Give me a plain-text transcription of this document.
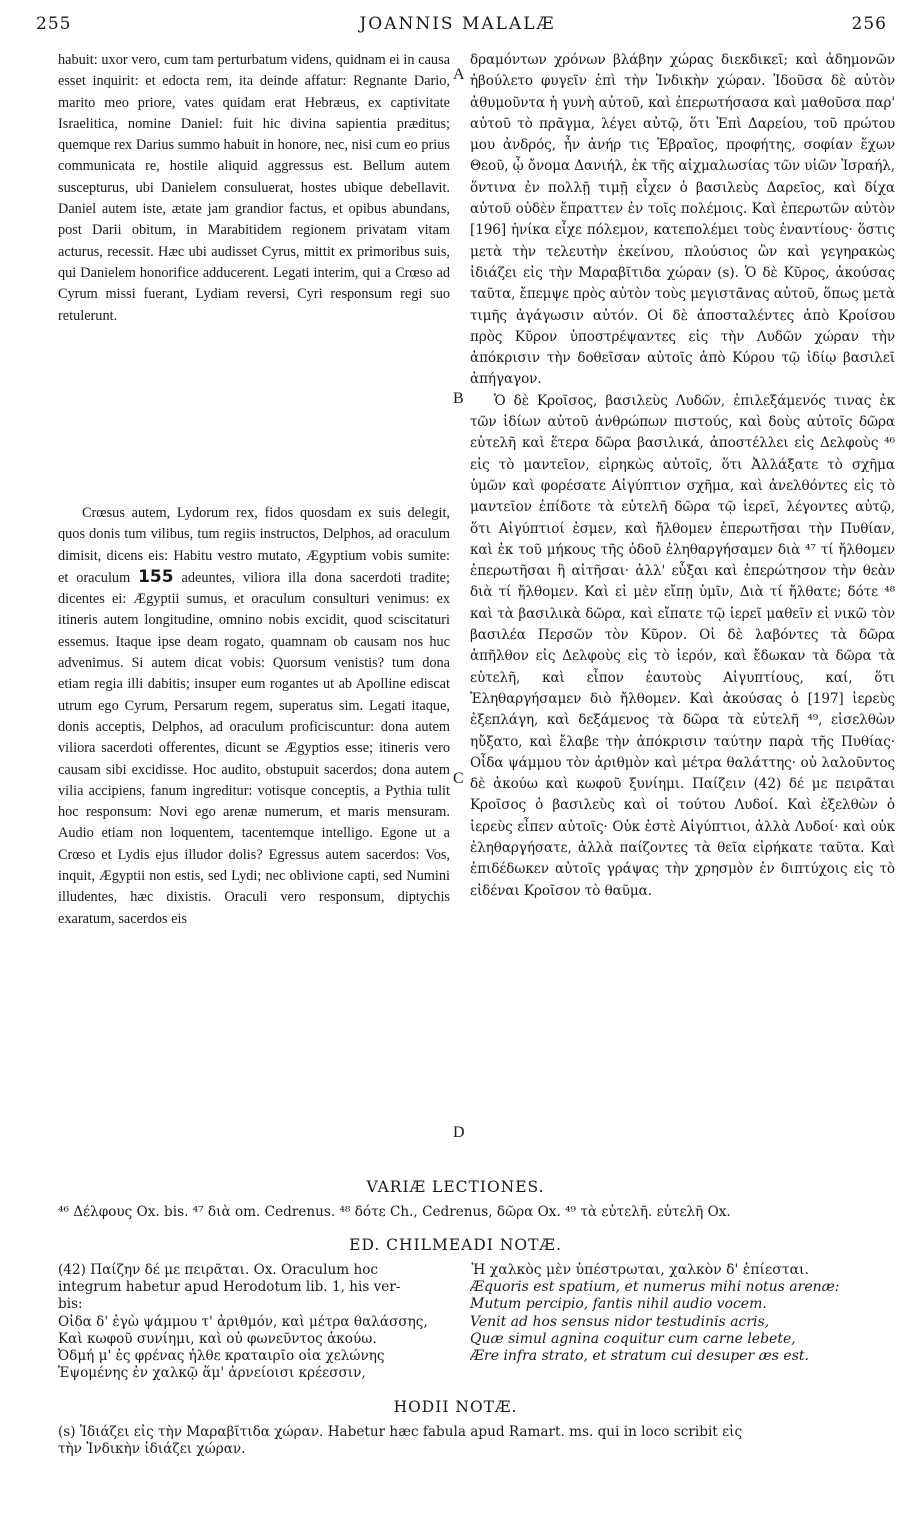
255	JOANNIS MALALÆ	256

habuit: uxor vero, cum tam perturbatum videns, quidnam ei in causa esset inquirit: et edocta rem, ita deinde affatur: Regnante Dario, marito meo priore, vates quidam erat Hebræus, ex captivitate Israelitica, nomine Daniel: fuit hic divina sapientia præditus; quemque rex Darius summo habuit in honore, nec, nisi cum eo prius communicata re, hostile aliquid aggressus est. Bellum autem suscepturus, ubi Danielem consuluerat, hostes ubique debellavit. Daniel autem iste, ætate jam grandior factus, et opibus abundans, post Darii obitum, in Marabitidem regionem privatam vitam acturus, recessit. Hæc ubi audisset Cyrus, mittit ex primoribus suis, qui Danielem honorifice adducerent. Legati interim, qui a Crœso ad Cyrum missi fuerant, Lydiam reversi, Cyri responsum regi suo retulerunt.

Crœsus autem, Lydorum rex, fidos quosdam ex suis delegit, quos donis tum vilibus, tum regiis instructos, Delphos, ad oraculum dimisit, dicens eis: Habitu vestro mutato, Ægyptium vobis sumite: et oraculum 155 adeuntes, viliora illa dona sacerdoti tradite; dicentes ei: Ægyptii sumus, et oraculum consulturi venimus: ex itineris autem longitudine, omnino nobis excidit, quod sciscitaturi essemus. Itaque ipse deam rogato, quamnam ob causam nos huc advenimus. Si autem dicat vobis: Quorsum venistis? tum dona etiam regia illi dabitis; insuper eum rogantes ut ab Apolline ediscat utrum ego Cyrum, Persarum regem, superatus sim. Legati itaque, donis acceptis, Delphos, ad oraculum proficiscuntur: dona autem viliora sacerdoti offerentes, dicunt se Ægyptios esse; itineris vero causam sibi excidisse. Hoc audito, obstupuit sacerdos; dona autem vilia accipiens, fanum ingreditur: votisque conceptis, a Pythia tulit hoc responsum: Novi ego arenæ numerum, et maris mensuram. Audio etiam non loquentem, tacentemque intelligo. Egone ut a Crœso et Lydis ejus illudor dolis? Egressus autem sacerdos: Vos, inquit, Ægyptii non estis, sed Lydi; nec oblivione capti, sed Numini illudentes, hæc dixistis. Oraculi vero responsum, diptychis exaratum, sacerdos eis

A
B
C
D

δραμόντων χρόνων βλάβην χώρας διεκδικεῖ; καὶ ἀδημονῶν ἠβούλετο φυγεῖν ἐπὶ τὴν Ἰνδικὴν χώραν. Ἰδοῦσα δὲ αὐτὸν ἀθυμοῦντα ἡ γυνὴ αὐτοῦ, καὶ ἐπερωτήσασα καὶ μαθοῦσα παρ' αὐτοῦ τὸ πρᾶγμα, λέγει αὐτῷ, ὅτι Ἐπὶ Δαρείου, τοῦ πρώτου μου ἀνδρός, ἦν ἀνήρ τις Ἑβραῖος, προφήτης, σοφίαν ἔχων Θεοῦ, ᾧ ὄνομα Δανιήλ, ἐκ τῆς αἰχμαλωσίας τῶν υἱῶν Ἰσραήλ, ὅντινα ἐν πολλῇ τιμῇ εἶχεν ὁ βασιλεὺς Δαρεῖος, καὶ δίχα αὐτοῦ οὐδὲν ἔπραττεν ἐν τοῖς πολέμοις. Καὶ ἐπερωτῶν αὐτὸν [196] ἡνίκα εἶχε πόλεμον, κατεπολέμει τοὺς ἐναντίους· ὅστις μετὰ τὴν τελευτὴν ἐκείνου, πλούσιος ὢν καὶ γεγηρακὼς ἰδιάζει εἰς τὴν Μαραβῖτιδα χώραν (s). Ὁ δὲ Κῦρος, ἀκούσας ταῦτα, ἔπεμψε πρὸς αὐτὸν τοὺς μεγιστᾶνας αὐτοῦ, ὅπως μετὰ τιμῆς ἀγάγωσιν αὐτόν. Οἱ δὲ ἀποσταλέντες ἀπὸ Κροίσου πρὸς Κῦρον ὑποστρέψαντες εἰς τὴν Λυδῶν χώραν τὴν ἀπόκρισιν τὴν δοθεῖσαν αὐτοῖς ἀπὸ Κύρου τῷ ἰδίῳ βασιλεῖ ἀπήγαγον.

Ὁ δὲ Κροῖσος, βασιλεὺς Λυδῶν, ἐπιλεξάμενός τινας ἐκ τῶν ἰδίων αὐτοῦ ἀνθρώπων πιστούς, καὶ δοὺς αὐτοῖς δῶρα εὐτελῆ καὶ ἕτερα δῶρα βασιλικά, ἀποστέλλει εἰς Δελφοὺς ⁴⁶ εἰς τὸ μαντεῖον, εἰρηκὼς αὐτοῖς, ὅτι Ἀλλάξατε τὸ σχῆμα ὑμῶν καὶ φορέσατε Αἰγύπτιον σχῆμα, καὶ ἀνελθόντες εἰς τὸ μαντεῖον ἐπίδοτε τὰ εὐτελῆ δῶρα τῷ ἱερεῖ, λέγοντες αὐτῷ, ὅτι Αἰγύπτιοί ἐσμεν, καὶ ἤλθομεν ἐπερωτῆσαι τὴν Πυθίαν, καὶ ἐκ τοῦ μήκους τῆς ὁδοῦ ἐληθαργήσαμεν διὰ ⁴⁷ τί ἤλθομεν ἐπερωτῆσαι ἢ αἰτῆσαι· ἀλλ' εὖξαι καὶ ἐπερώτησον τὴν θεὰν διὰ τί ἤλθομεν. Καὶ εἰ μὲν εἴπῃ ὑμῖν, Διὰ τί ἤλθατε; δότε ⁴⁸ καὶ τὰ βασιλικὰ δῶρα, καὶ εἴπατε τῷ ἱερεῖ μαθεῖν εἰ νικῶ τὸν βασιλέα Περσῶν τὸν Κῦρον. Οἱ δὲ λαβόντες τὰ δῶρα ἀπῆλθον εἰς Δελφοὺς εἰς τὸ ἱερόν, καὶ ἔδωκαν τὰ δῶρα τὰ εὐτελῆ, καὶ εἶπον ἑαυτοὺς Αἰγυπτίους, καί, ὅτι Ἐληθαργήσαμεν διὸ ἤλθομεν. Καὶ ἀκούσας ὁ [197] ἱερεὺς ἐξεπλάγη, καὶ δεξάμενος τὰ δῶρα τὰ εὐτελῆ ⁴⁹, εἰσελθὼν ηὔξατο, καὶ ἔλαβε τὴν ἀπόκρισιν ταύτην παρὰ τῆς Πυθίας· Οἶδα ψάμμου τὸν ἀριθμὸν καὶ μέτρα θαλάττης· οὐ λαλοῦντος δὲ ἀκούω καὶ κωφοῦ ξυνίημι. Παίζειν (42) δέ με πειρᾶται Κροῖσος ὁ βασιλεὺς καὶ οἱ τούτου Λυδοί. Καὶ ἐξελθὼν ὁ ἱερεὺς εἶπεν αὐτοῖς· Οὐκ ἐστὲ Αἰγύπτιοι, ἀλλὰ Λυδοί· καὶ οὐκ ἐληθαργήσατε, ἀλλὰ παίζοντες τὰ θεῖα εἰρήκατε ταῦτα. Καὶ ἐπιδέδωκεν αὐτοῖς γράψας τὴν χρησμὸν ἐν διπτύχοις εἰς τὸ εἰδέναι Κροῖσον τὸ θαῦμα.

VARIÆ LECTIONES.
⁴⁶ Δέλφους Ox. bis. ⁴⁷ διὰ om. Cedrenus. ⁴⁸ δότε Ch., Cedrenus, δῶρα Ox. ⁴⁹ τὰ εὐτελῆ. εὐτελῆ Ox.
ED. CHILMEADI NOTÆ.
(42) Παίζην δέ με πειρᾶται. Ox. Oraculum hoc
integrum habetur apud Herodotum lib. 1, his ver-
bis:
Οἶδα δ' ἐγὼ ψάμμου τ' ἀριθμόν, καὶ μέτρα θαλάσσης,
Καὶ κωφοῦ συνίημι, καὶ οὐ φωνεῦντος ἀκούω.
Ὀδμή μ' ἐς φρένας ἦλθε κραταιρῖο οἷα χελώνης
Ἑψομένης ἐν χαλκῷ ἅμ' ἀρνείοισι κρέεσσιν,
Ἧ χαλκὸς μὲν ὑπέστρωται, χαλκὸν δ' ἐπίεσται.
Æquoris est spatium, et numerus mihi notus arenæ:
Mutum percipio, fantis nihil audio vocem.
Venit ad hos sensus nidor testudinis acris,
Quæ simul agnina coquitur cum carne lebete,
Ære infra strato, et stratum cui desuper æs est.
HODII NOTÆ.
(s) Ἰδιάζει εἰς τὴν Μαραβῖτιδα χώραν. Habetur hæc fabula apud Ramart. ms. qui in loco scribit εἰς
τὴν Ἰνδικὴν ἰδιάζει χώραν.
